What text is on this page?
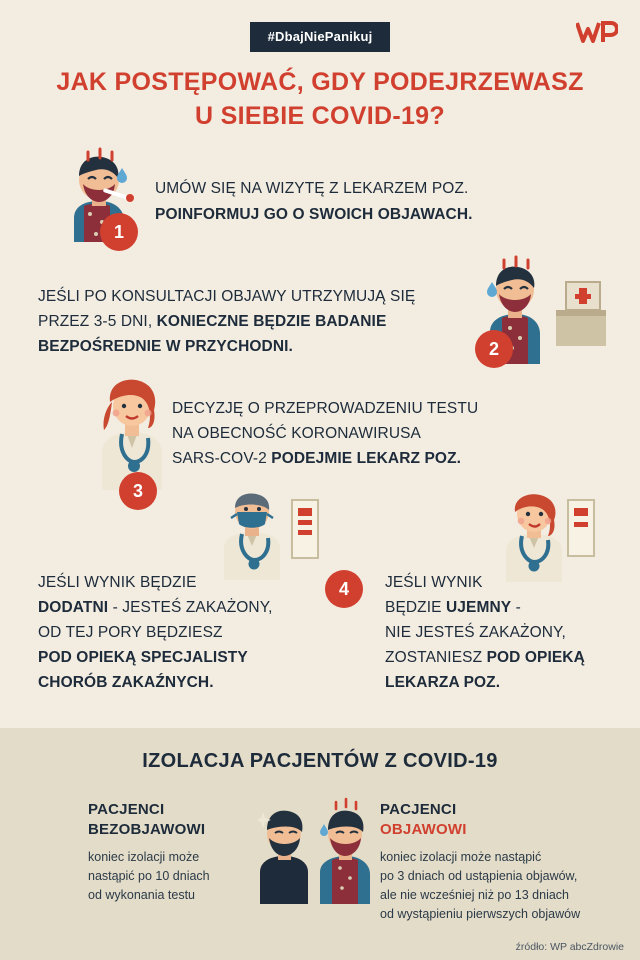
#DbajNiePanikuj
JAK POSTĘPOWAĆ, GDY PODEJRZEWASZ
U SIEBIE COVID-19?
1
UMÓW SIĘ NA WIZYTĘ Z LEKARZEM POZ.
POINFORMUJ GO O SWOICH OBJAWACH.
2
JEŚLI PO KONSULTACJI OBJAWY UTRZYMUJĄ SIĘ
PRZEZ 3-5 DNI, KONIECZNE BĘDZIE BADANIE
BEZPOŚREDNIE W PRZYCHODNI.
3
DECYZJĘ O PRZEPROWADZENIU TESTU
NA OBECNOŚĆ KORONAWIRUSA
SARS-COV-2 PODEJMIE LEKARZ POZ.
4
JEŚLI WYNIK BĘDZIE
DODATNI - JESTEŚ ZAKAŻONY,
OD TEJ PORY BĘDZIESZ
POD OPIEKĄ SPECJALISTY
CHORÓB ZAKAŹNYCH.
JEŚLI WYNIK
BĘDZIE UJEMNY -
NIE JESTEŚ ZAKAŻONY,
ZOSTANIESZ POD OPIEKĄ
LEKARZA POZ.
IZOLACJA PACJENTÓW Z COVID-19
PACJENCI
BEZOBJAWOWI
koniec izolacji może
nastąpić po 10 dniach
od wykonania testu
PACJENCI
OBJAWOWI
koniec izolacji może nastąpić
po 3 dniach od ustąpienia objawów,
ale nie wcześniej niż po 13 dniach
od wystąpieniu pierwszych objawów
źródło: WP abcZdrowie
